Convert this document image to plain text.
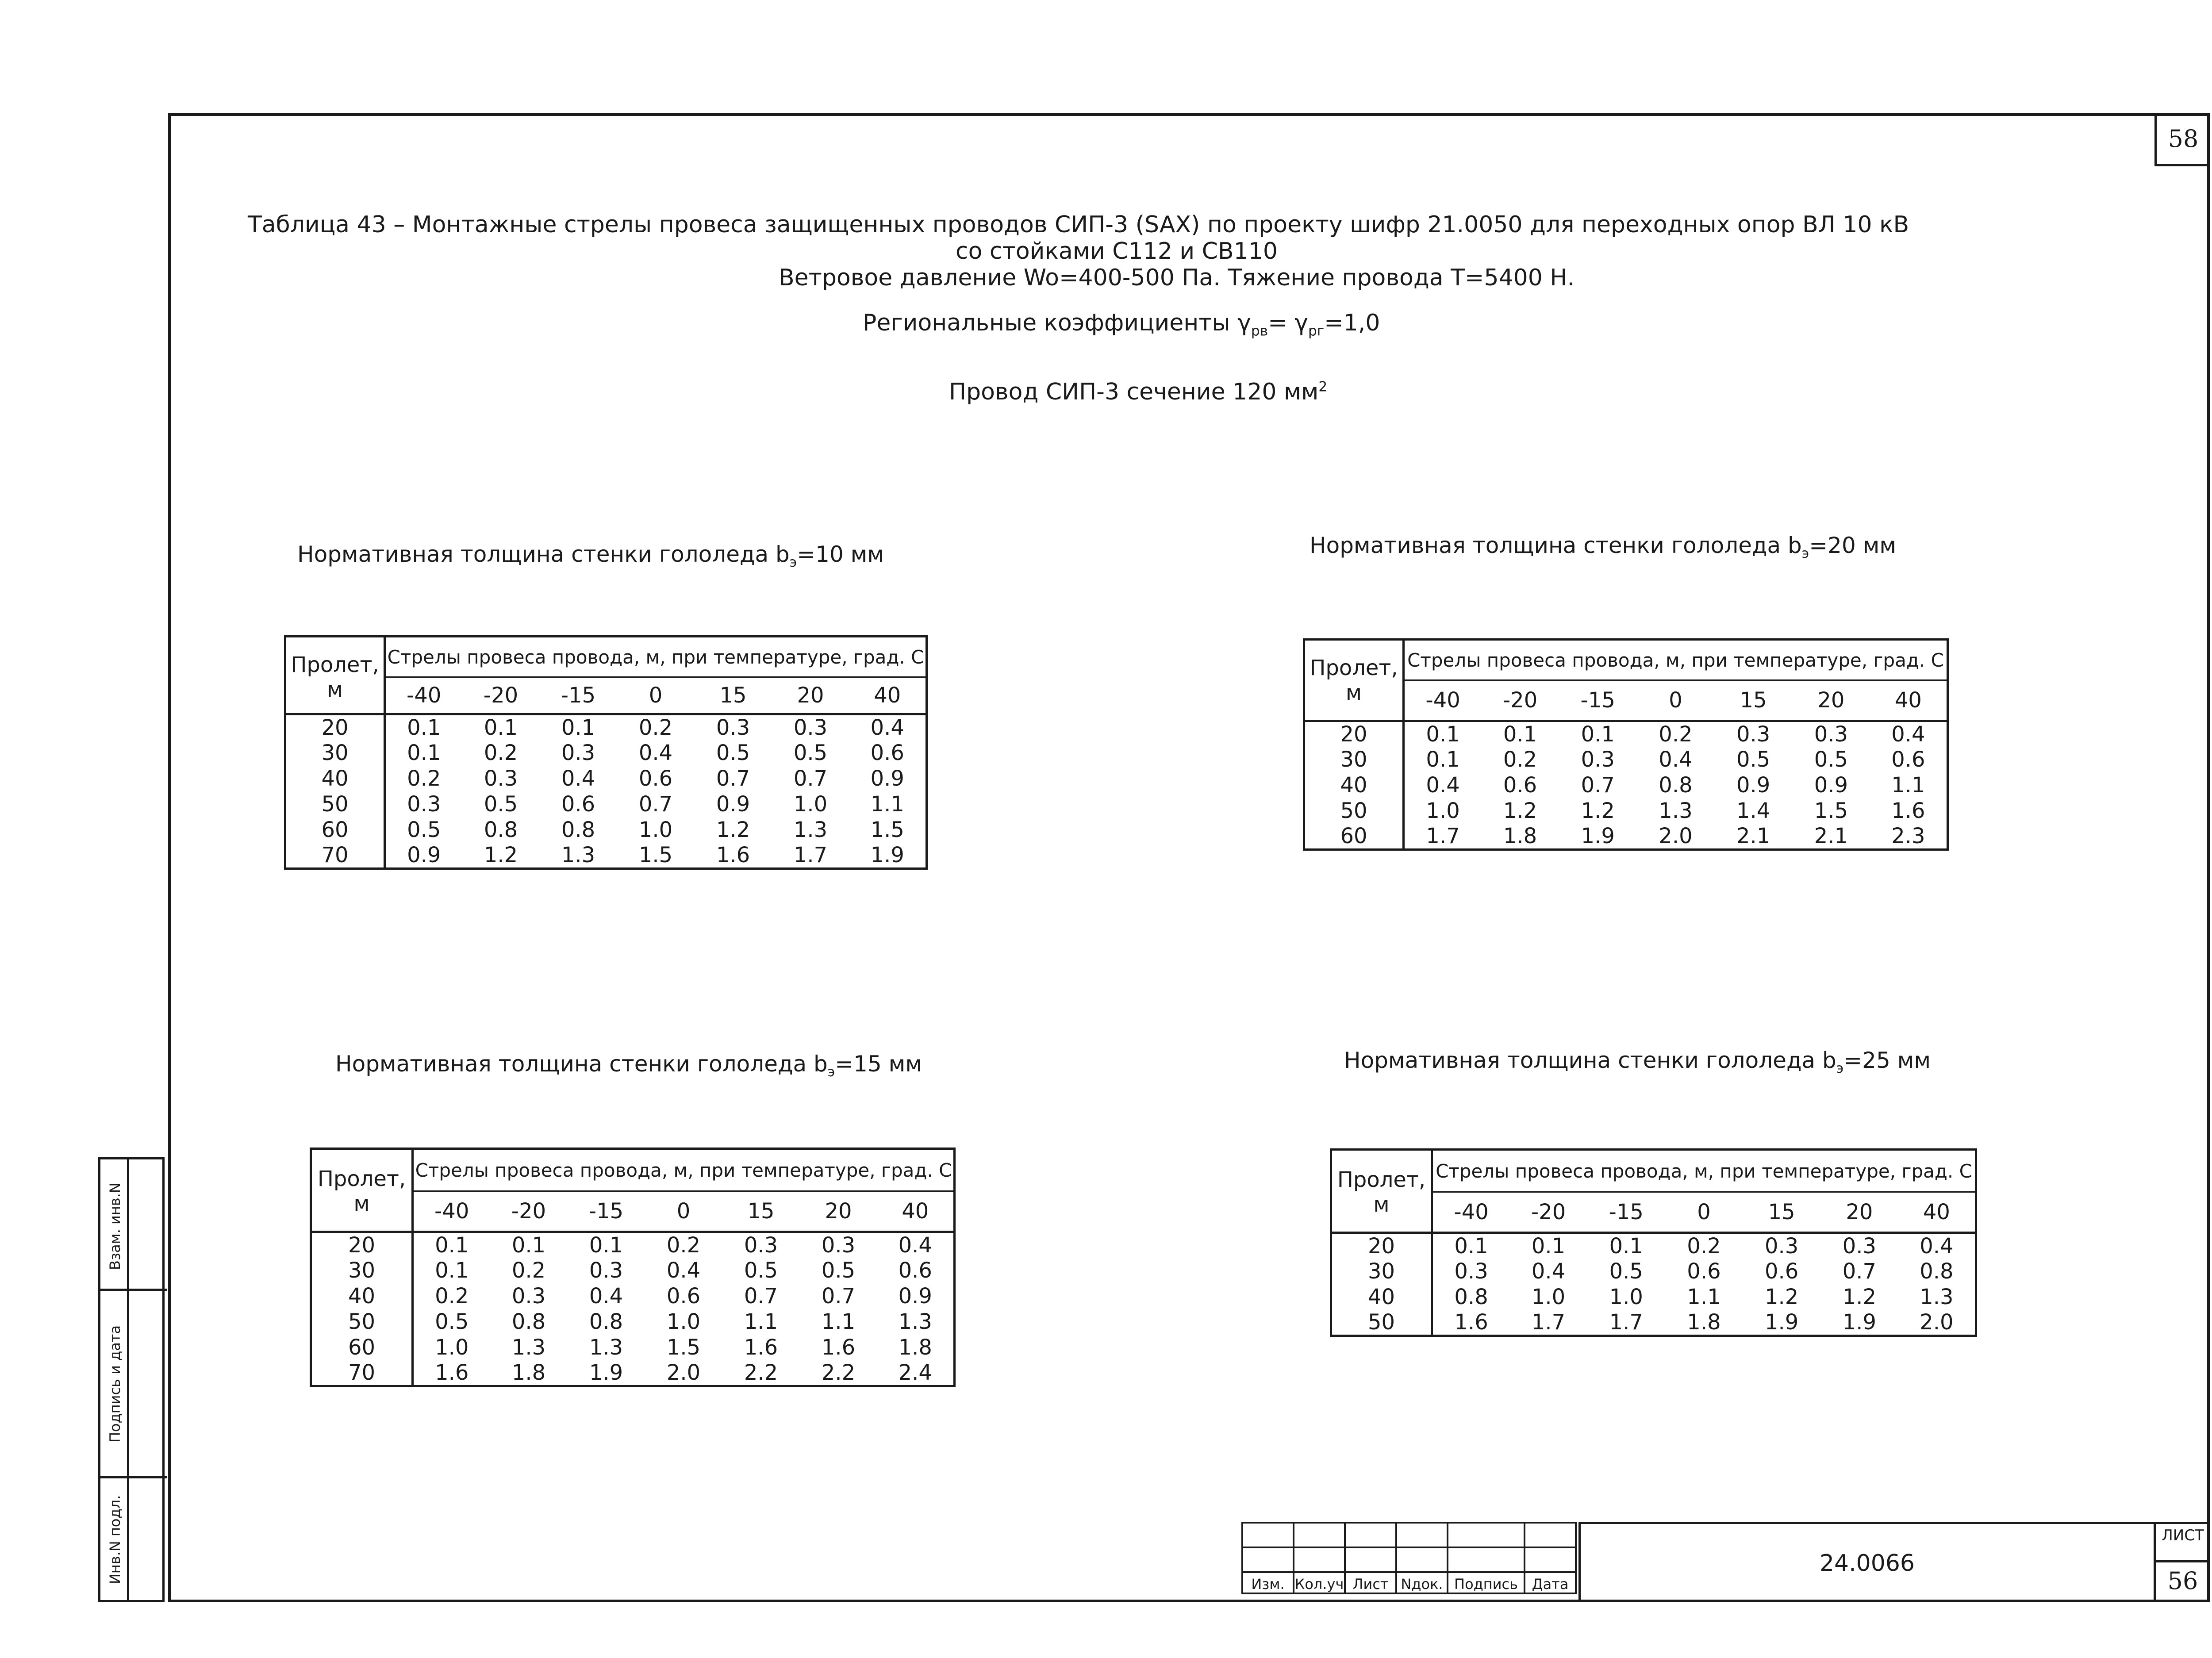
58
Таблица 43 – Монтажные стрелы провеса защищенных проводов СИП-3 (SAX) по проекту шифр 21.0050 для переходных опор ВЛ 10 кВ
со стойками С112 и СВ110
Ветровое давление Wo=400-500 Па. Тяжение провода Т=5400 Н.
Региональные коэффициенты $\gamma_{рв}= \gamma_{рг}=1,0$
Провод СИП-3 сечение 120 $мм^2$
Нормативная толщина стенки гололеда $b_э=10$ мм	Нормативная толщина стенки гололеда $b_э=20$ мм
Нормативная толщина стенки гололеда $b_э=15$ мм	Нормативная толщина стенки гололеда $b_э=25$ мм
Пролет,	Стрелы провеса провода, м, при температуре, град. С						
м	-40	-20	-15	0	15	20	40
20	0.1	0.1	0.1	0.2	0.3	0.3	0.4
30	0.1	0.2	0.3	0.4	0.5	0.5	0.6
40	0.2	0.3	0.4	0.6	0.7	0.7	0.9
50	0.3	0.5	0.6	0.7	0.9	1.0	1.1
60	0.5	0.8	0.8	1.0	1.2	1.3	1.5
70	0.9	1.2	1.3	1.5	1.6	1.7	1.9
Пролет,	Стрелы провеса провода, м, при температуре, град. С						
м	-40	-20	-15	0	15	20	40
20	0.1	0.1	0.1	0.2	0.3	0.3	0.4
30	0.1	0.2	0.3	0.4	0.5	0.5	0.6
40	0.4	0.6	0.7	0.8	0.9	0.9	1.1
50	1.0	1.2	1.2	1.3	1.4	1.5	1.6
60	1.7	1.8	1.9	2.0	2.1	2.1	2.3
Пролет,	Стрелы провеса провода, м, при температуре, град. С						
м	-40	-20	-15	0	15	20	40
20	0.1	0.1	0.1	0.2	0.3	0.3	0.4
30	0.1	0.2	0.3	0.4	0.5	0.5	0.6
40	0.2	0.3	0.4	0.6	0.7	0.7	0.9
50	0.5	0.8	0.8	1.0	1.1	1.1	1.3
60	1.0	1.3	1.3	1.5	1.6	1.6	1.8
70	1.6	1.8	1.9	2.0	2.2	2.2	2.4
Пролет,	Стрелы провеса провода, м, при температуре, град. С						
м	-40	-20	-15	0	15	20	40
20	0.1	0.1	0.1	0.2	0.3	0.3	0.4
30	0.3	0.4	0.5	0.6	0.6	0.7	0.8
40	0.8	1.0	1.0	1.1	1.2	1.2	1.3
50	1.6	1.7	1.7	1.8	1.9	1.9	2.0
Взам. инв.N
Подпись и дата
Инв.N подл.

						Изм.	Кол.уч	Лист	Nдок.	Подпись	Дата
24.0066
ЛИСТ
56
